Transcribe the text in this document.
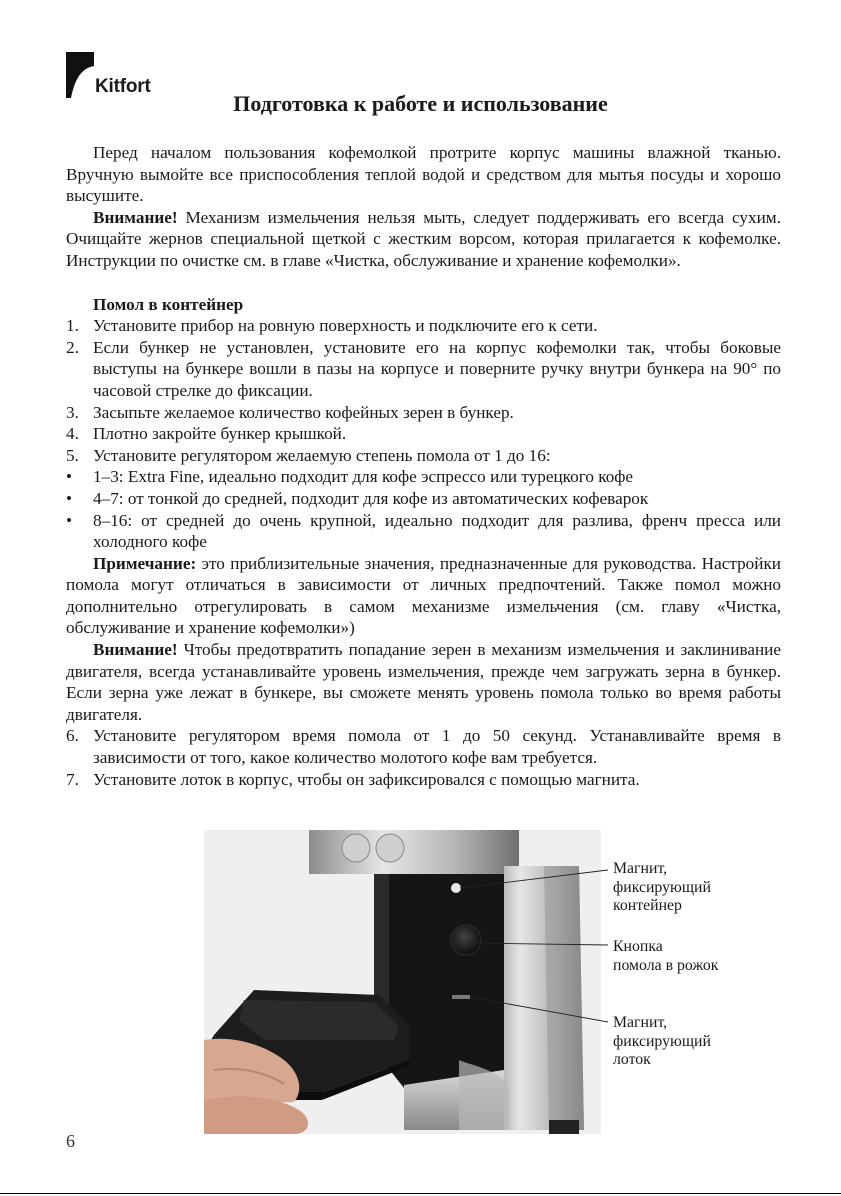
Kitfort
Подготовка к работе и использование

Перед началом пользования кофемолкой протрите корпус машины влажной тканью. Вручную вымойте все приспособления теплой водой и средством для мытья посуды и хорошо высушите.

Внимание! Механизм измельчения нельзя мыть, следует поддерживать его всегда сухим. Очищайте жернов специальной щеткой с жестким ворсом, которая прилагается к кофемолке. Инструкции по очистке см. в главе «Чистка, обслуживание и хранение кофемолки».

Помол в контейнер

1. Установите прибор на ровную поверхность и подключите его к сети.
2. Если бункер не установлен, установите его на корпус кофемолки так, чтобы боковые выступы на бункере вошли в пазы на корпусе и поверните ручку внутри бункера на 90° по часовой стрелке до фиксации.
3. Засыпьте желаемое количество кофейных зерен в бункер.
4. Плотно закройте бункер крышкой.
5. Установите регулятором желаемую степень помола от 1 до 16:
•	1–3: Extra Fine, идеально подходит для кофе эспрессо или турецкого кофе
•	4–7: от тонкой до средней, подходит для кофе из автоматических кофеварок
•	8–16: от средней до очень крупной, идеально подходит для разлива, френч пресса или холодного кофе

Примечание: это приблизительные значения, предназначенные для руководства. Настройки помола могут отличаться в зависимости от личных предпочтений. Также помол можно дополнительно отрегулировать в самом механизме измельчения (см. главу «Чистка, обслуживание и хранение кофемолки»)

Внимание! Чтобы предотвратить попадание зерен в механизм измельчения и заклинивание двигателя, всегда устанавливайте уровень измельчения, прежде чем загружать зерна в бункер. Если зерна уже лежат в бункере, вы сможете менять уровень помола только во время работы двигателя.

6. Установите регулятором время помола от 1 до 50 секунд. Устанавливайте время в зависимости от того, какое количество молотого кофе вам требуется.
7. Установите лоток в корпус, чтобы он зафиксировался с помощью магнита.
Магнит,
фиксирующий
контейнер
Кнопка
помола в рожок
Магнит,
фиксирующий
лоток
6
